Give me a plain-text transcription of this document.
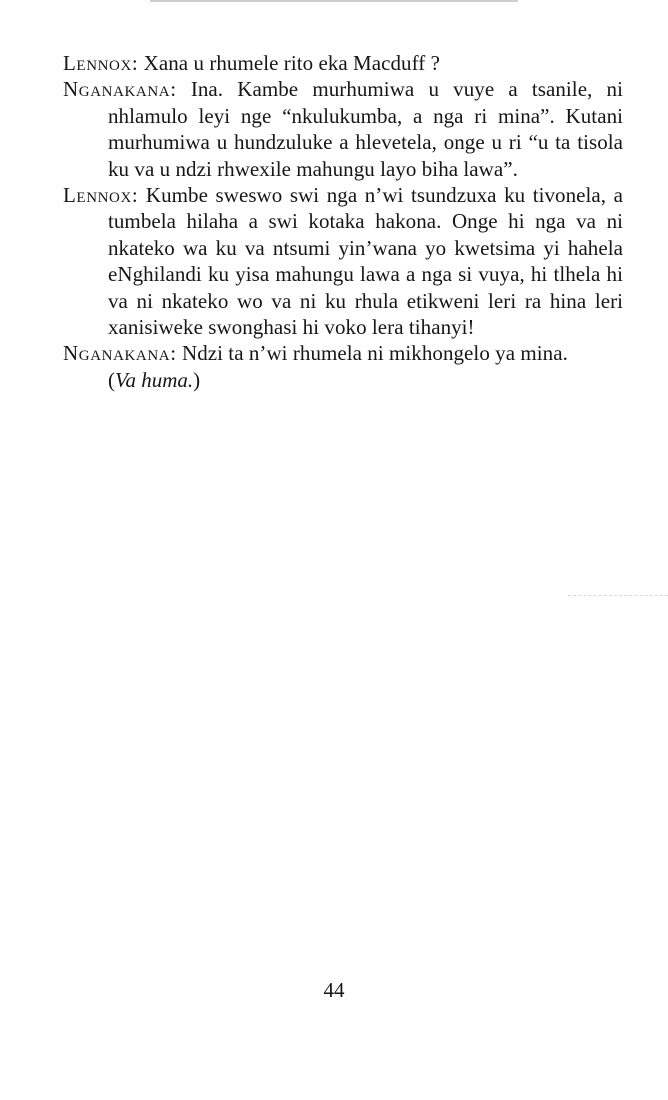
Lennox: Xana u rhumele rito eka Macduff ?

Nganakana: Ina. Kambe murhumiwa u vuye a tsanile, ni nhlamulo leyi nge “nkulukumba, a nga ri mina”. Kutani murhumiwa u hundzuluke a hlevetela, onge u ri “u ta tisola ku va u ndzi rhwexile mahungu layo biha lawa”.

Lennox: Kumbe sweswo swi nga n’wi tsundzuxa ku tivonela, a tumbela hilaha a swi kotaka hakona. Onge hi nga va ni nkateko wa ku va ntsumi yin’wana yo kwetsima yi hahela eNghilandi ku yisa mahungu lawa a nga si vuya, hi tlhela hi va ni nkateko wo va ni ku rhula etikweni leri ra hina leri xanisiweke swonghasi hi voko lera tihanyi!

Nganakana: Ndzi ta n’wi rhumela ni mikhongelo ya mina.

(Va huma.)

44
